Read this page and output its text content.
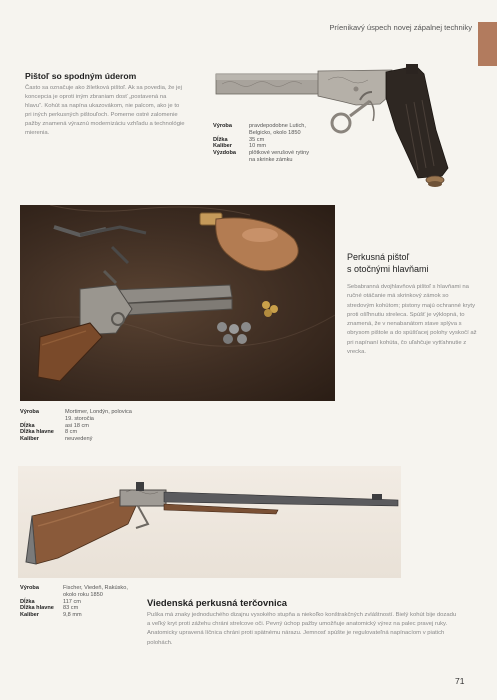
Príenikavý úspech novej zápalnej techniky
Pištoľ so spodným úderom
Často sa označuje ako žiletková pištoľ. Ak sa povedia, že jej koncepcia je oproti iným zbraniam dosť „postavená na hlavu“. Kohút sa napína ukazovákom, nie palcom, ako je to pri iných perkusných pištouľoch. Pomerne ostré zalomenie pažby znamená výraznú modernizáciu vzhľadu a technológie mierenia.
Výroba	pravdepodobne Lutich, Belgicko, okolo 1850
Dĺžka	35 cm
Kaliber	10 mm
Výzdoba	plôtkové verušové rytiny na skrinke zámku
Perkusná pištoľ
s otočnými hlavňami
Sebabranná dvojhlavňová pištoľ s hlavňami na ručné otáčanie má skrinkový zámok so stredovým kohútom; pistony majú ochranné kryty proti ošľhnutiu streleca. Spúšť je výklopná, to znamená, že v nenabanátom stave splýva s obrysom pištole a do spúšťacej polohy vyskočí až pri napínaní kohúta, čo uľahčuje vytťahnutie z vrecka.
Výroba	Mortimer, Londýn, polovica 19. storočia
Dĺžka	asi 18 cm
Dĺžka hlavne	8 cm
Kaliber	neuvedený
Výroba	Fischer, Viedeň, Rakúsko, okolo roku 1850
Dĺžka	117 cm
Dĺžka hlavne	83 cm
Kaliber	9,8 mm
Viedenská perkusná terčovnica
Puška má znaky jednoduchého dizajnu vysokého stupňa a niekoľko konštrakčných zvláštností. Bielý kohút bije dozadu a veľký kryt proti zážehu chráni strelcove oči. Pevný úchop pažby umožňuje anatomický výrez na palec pravej ruky. Anatomicky upravená líčnica chráni proti spätnému nárazu. Jemnosť spúšte je regulovateľná napínacíom v piatich polohách.
71
